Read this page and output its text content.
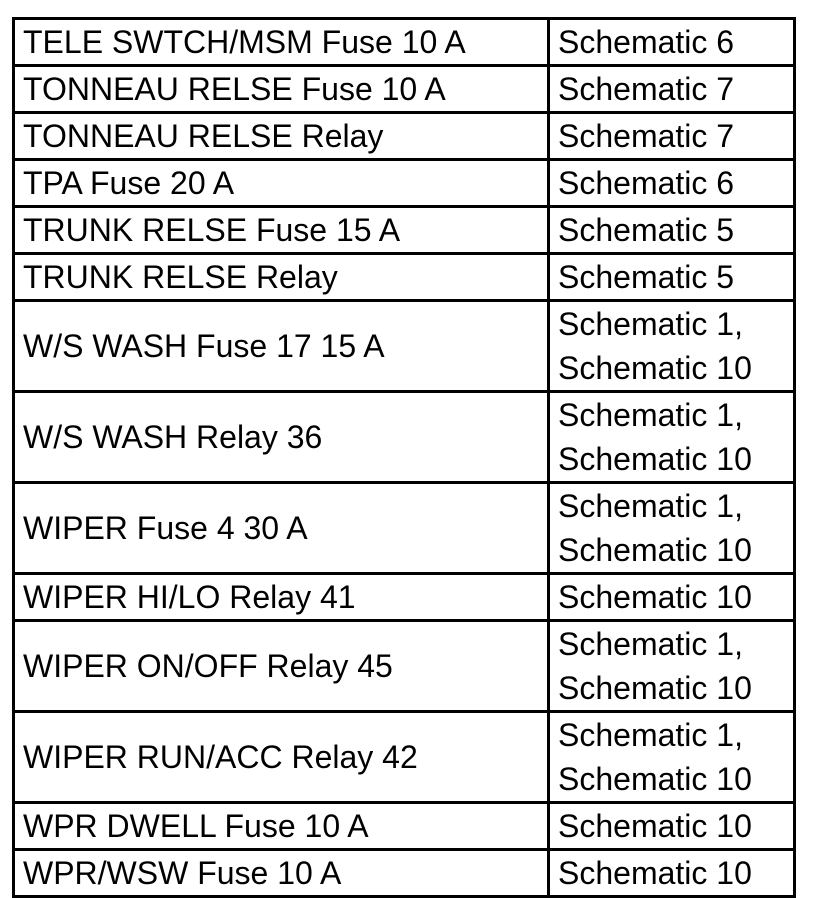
TELE SWTCH/MSM Fuse 10 A	Schematic 6

TONNEAU RELSE Fuse 10 A	Schematic 7

TONNEAU RELSE Relay	Schematic 7

TPA Fuse 20 A	Schematic 6

TRUNK RELSE Fuse 15 A	Schematic 5

TRUNK RELSE Relay	Schematic 5

W/S WASH Fuse 17 15 A	Schematic 1,
Schematic 10

W/S WASH Relay 36	Schematic 1,
Schematic 10

WIPER Fuse 4 30 A	Schematic 1,
Schematic 10

WIPER HI/LO Relay 41	Schematic 10

WIPER ON/OFF Relay 45	Schematic 1,
Schematic 10

WIPER RUN/ACC Relay 42	Schematic 1,
Schematic 10

WPR DWELL Fuse 10 A	Schematic 10

WPR/WSW Fuse 10 A	Schematic 10
